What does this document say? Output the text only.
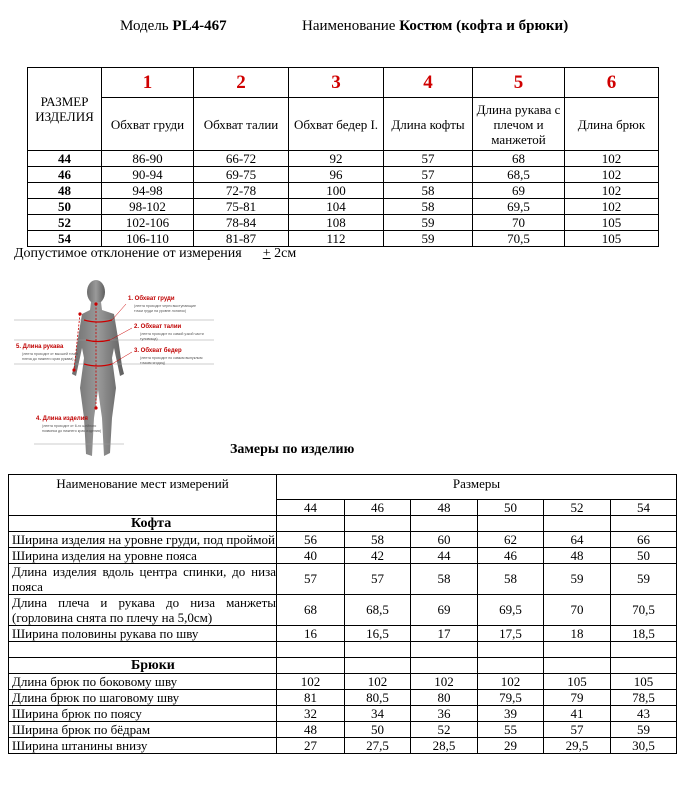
Модель PL4-467	Наименование Костюм (кофта и брюки)
РАЗМЕР ИЗДЕЛИЯ	1	2	3	4	5	6
	Обхват груди	Обхват талии	Обхват бедер I.	Длина кофты	Длина рукава с плечом и манжетой	Длина брюк
44	86-90	66-72	92	57	68	102
46	90-94	69-75	96	57	68,5	102
48	94-98	72-78	100	58	69	102
50	98-102	75-81	104	58	69,5	102
52	102-106	78-84	108	59	70	105
54	106-110	81-87	112	59	70,5	105
Допустимое отклонение от измерения + 2см
1. Обхват груди
(лента проходит через выступающие точки груди на уровне лопаток)
2. Обхват талии
(лента проходит по самой узкой части туловища)
3. Обхват бедер
(лента проходит по самым выпуклым точкам ягодиц)
5. Длина рукава
(лента проходит от высшей точки плеча до нижнего края рукава)
4. Длина изделия
(лента проходит от 6-го шейного позвонка до нижнего края изделия)
Замеры по изделию
Наименование мест измерений	Размеры					
	44	46	48	50	52	54
Кофта						
Ширина изделия на уровне груди, под проймой	56	58	60	62	64	66
Ширина изделия на уровне пояса	40	42	44	46	48	50
Длина изделия вдоль центра спинки, до низа пояса	57	57	58	58	59	59
Длина плеча и рукава до низа манжеты (горловина снята по плечу на 5,0см)	68	68,5	69	69,5	70	70,5
Ширина половины рукава по шву	16	16,5	17	17,5	18	18,5

Брюки						
Длина брюк по боковому шву	102	102	102	102	105	105
Длина брюк по шаговому шву	81	80,5	80	79,5	79	78,5
Ширина брюк по поясу	32	34	36	39	41	43
Ширина брюк по бёдрам	48	50	52	55	57	59
Ширина штанины внизу	27	27,5	28,5	29	29,5	30,5
